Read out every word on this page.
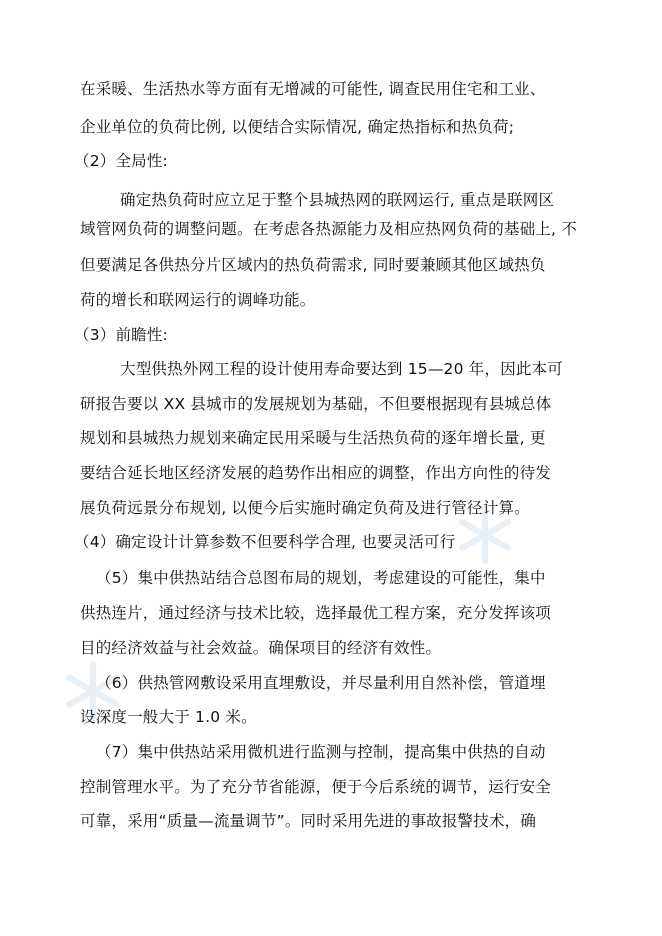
在采暖、生活热水等方面有无增减的可能性, 调查民用住宅和工业、
企业单位的负荷比例, 以便结合实际情况, 确定热指标和热负荷;
（2）全局性:
确定热负荷时应立足于整个县城热网的联网运行, 重点是联网区
域管网负荷的调整问题。在考虑各热源能力及相应热网负荷的基础上, 不
但要满足各供热分片区域内的热负荷需求, 同时要兼顾其他区域热负
荷的增长和联网运行的调峰功能。
（3）前瞻性:
大型供热外网工程的设计使用寿命要达到 15—20 年，因此本可
研报告要以 XX 县城市的发展规划为基础，不但要根据现有县城总体
规划和县城热力规划来确定民用采暖与生活热负荷的逐年增长量, 更
要结合延长地区经济发展的趋势作出相应的调整，作出方向性的待发
展负荷远景分布规划, 以便今后实施时确定负荷及进行管径计算。
（4）确定设计计算参数不但要科学合理, 也要灵活可行
（5）集中供热站结合总图布局的规划，考虑建设的可能性，集中
供热连片，通过经济与技术比较，选择最优工程方案，充分发挥该项
目的经济效益与社会效益。确保项目的经济有效性。
（6）供热管网敷设采用直埋敷设，并尽量利用自然补偿，管道埋
设深度一般大于 1.0 米。
（7）集中供热站采用微机进行监测与控制，提高集中供热的自动
控制管理水平。为了充分节省能源，便于今后系统的调节，运行安全
可靠，采用“质量—流量调节”。同时采用先进的事故报警技术，确
